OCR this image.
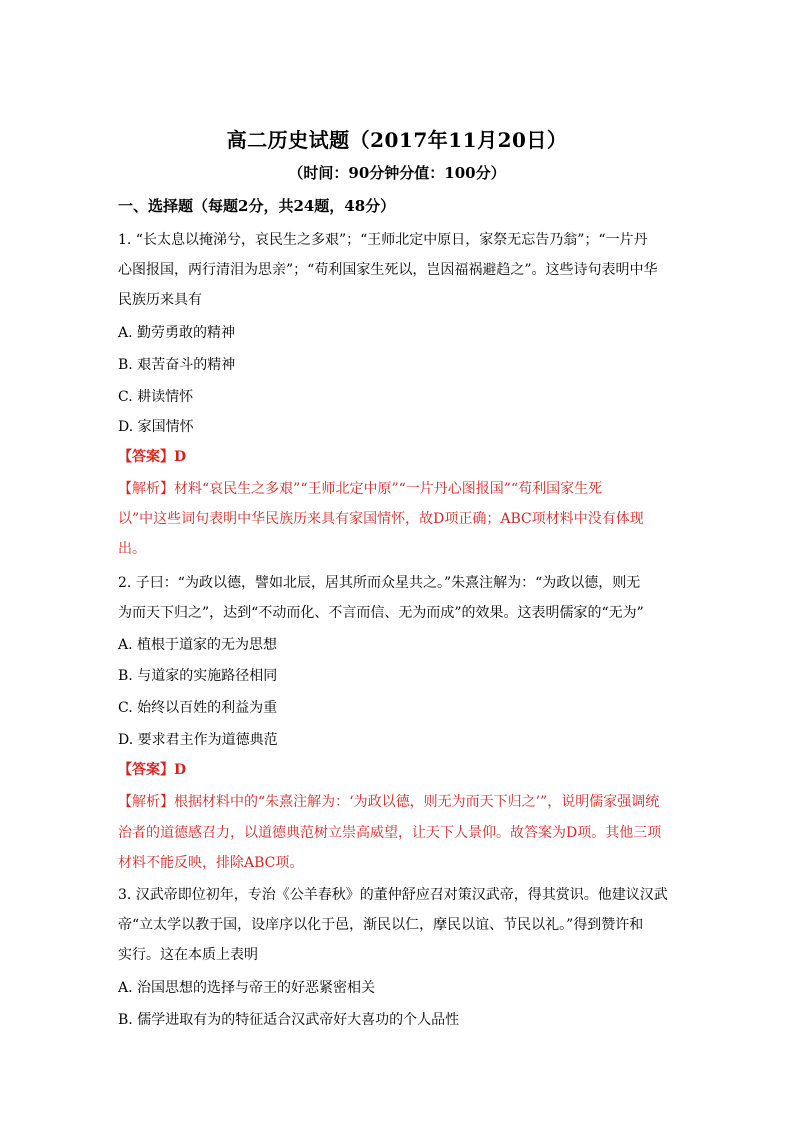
高二历史试题（2017年11月20日）
（时间：90分钟分值：100分）
一、选择题（每题2分，共24题，48分）
1. “长太息以掩涕兮，哀民生之多艰”；“王师北定中原日，家祭无忘告乃翁”；“一片丹
心图报国，两行清泪为思亲”；“苟利国家生死以，岂因福祸避趋之”。这些诗句表明中华
民族历来具有
A. 勤劳勇敢的精神
B. 艰苦奋斗的精神
C. 耕读情怀
D. 家国情怀
【答案】D
【解析】材料“哀民生之多艰”“王师北定中原”“一片丹心图报国”“苟利国家生死
以”中这些词句表明中华民族历来具有家国情怀，故D项正确；ABC项材料中没有体现
出。
2. 子曰：“为政以德，譬如北辰，居其所而众星共之。”朱熹注解为：“为政以德，则无
为而天下归之”，达到“不动而化、不言而信、无为而成”的效果。这表明儒家的“无为”
A. 植根于道家的无为思想
B. 与道家的实施路径相同
C. 始终以百姓的利益为重
D. 要求君主作为道德典范
【答案】D
【解析】根据材料中的“朱熹注解为：‘为政以德，则无为而天下归之’”，说明儒家强调统
治者的道德感召力，以道德典范树立崇高威望，让天下人景仰。故答案为D项。其他三项
材料不能反映，排除ABC项。
3. 汉武帝即位初年，专治《公羊春秋》的董仲舒应召对策汉武帝，得其赏识。他建议汉武
帝“立太学以教于国，设庠序以化于邑，渐民以仁，摩民以谊、节民以礼。”得到赞许和
实行。这在本质上表明
A. 治国思想的选择与帝王的好恶紧密相关
B. 儒学进取有为的特征适合汉武帝好大喜功的个人品性
